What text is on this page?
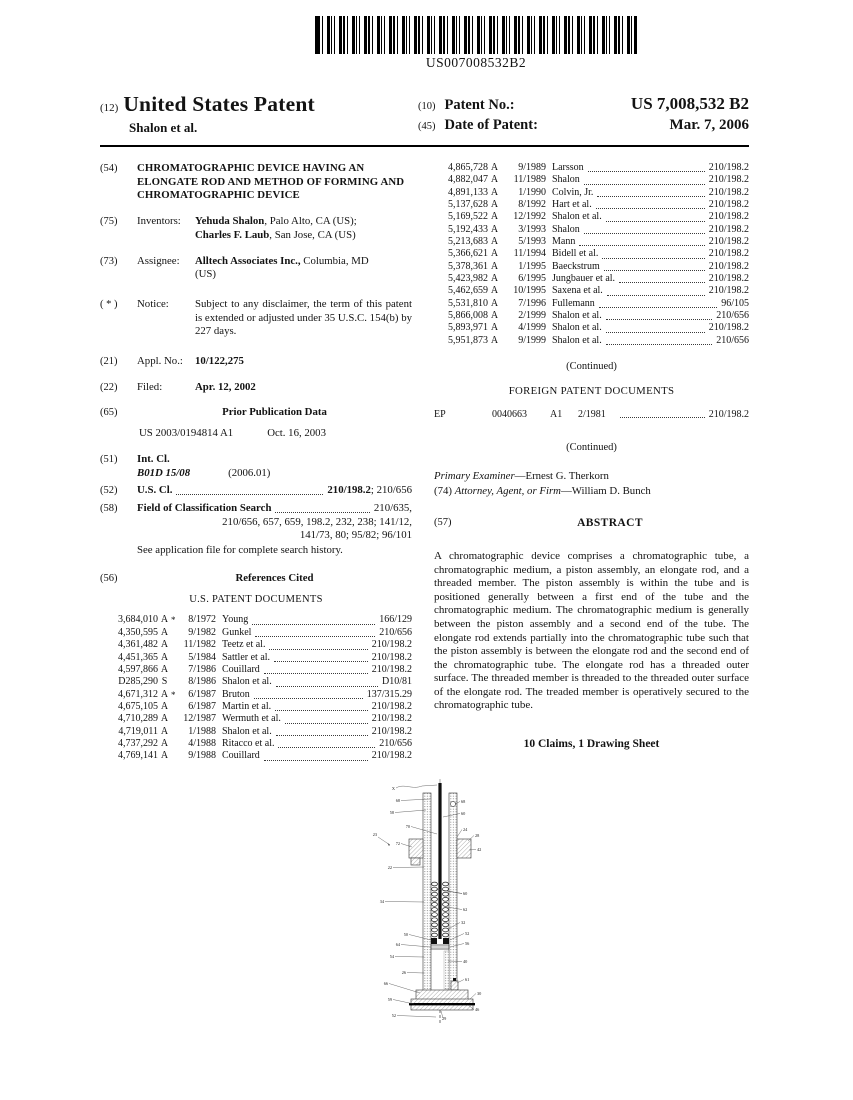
US007008532B2
(12) United States Patent
Shalon et al.
(10)
Patent No.:	US 7,008,532 B2
(45)
Date of Patent:	Mar. 7, 2006
(54)	CHROMATOGRAPHIC DEVICE HAVING AN ELONGATE ROD AND METHOD OF FORMING AND CHROMATOGRAPHIC DEVICE
(75)	Inventors:	Yehuda Shalon, Palo Alto, CA (US);
Charles F. Laub, San Jose, CA (US)
(73)	Assignee:	Alltech Associates Inc., Columbia, MD
(US)
( * )	Notice:	Subject to any disclaimer, the term of this patent is extended or adjusted under 35 U.S.C. 154(b) by 227 days.
(21)	Appl. No.:	10/122,275
(22)	Filed:	Apr. 12, 2002
(65)	Prior Publication Data
US 2003/0194814 A1	Oct. 16, 2003
(51)	Int. Cl.
B01D 15/08	(2006.01)
(52)	U.S. Cl.	210/198.2; 210/656
(58)	Field of Classification Search	210/635,
210/656, 657, 659, 198.2, 232, 238; 141/12,
141/73, 80; 95/82; 96/101
See application file for complete search history.
(56)	References Cited
U.S. PATENT DOCUMENTS
3,684,010 A *	8/1972 Young	166/129
4,350,595 A	9/1982 Gunkel	210/656
4,361,482 A	11/1982 Teetz et al.	210/198.2
4,451,365 A	5/1984 Sattler et al.	210/198.2
4,597,866 A	7/1986 Couillard	210/198.2
D285,290 S	8/1986 Shalon et al.	D10/81
4,671,312 A *	6/1987 Bruton	137/315.29
4,675,105 A	6/1987 Martin et al.	210/198.2
4,710,289 A	12/1987 Wermuth et al.	210/198.2
4,719,011 A	1/1988 Shalon et al.	210/198.2
4,737,292 A	4/1988 Ritacco et al.	210/656
4,769,141 A	9/1988 Couillard	210/198.2
4,865,728 A	9/1989 Larsson	210/198.2
4,882,047 A	11/1989 Shalon	210/198.2
4,891,133 A	1/1990 Colvin, Jr.	210/198.2
5,137,628 A	8/1992 Hart et al.	210/198.2
5,169,522 A	12/1992 Shalon et al.	210/198.2
5,192,433 A	3/1993 Shalon	210/198.2
5,213,683 A	5/1993 Mann	210/198.2
5,366,621 A	11/1994 Bidell et al.	210/198.2
5,378,361 A	1/1995 Baeckstrum	210/198.2
5,423,982 A	6/1995 Jungbauer et al.	210/198.2
5,462,659 A	10/1995 Saxena et al.	210/198.2
5,531,810 A	7/1996 Fullemann	96/105
5,866,008 A	2/1999 Shalon et al.	210/656
5,893,971 A	4/1999 Shalon et al.	210/198.2
5,951,873 A	9/1999 Shalon et al.	210/656
(Continued)
FOREIGN PATENT DOCUMENTS
EP	0040663	A1	2/1981	210/198.2
(Continued)
Primary Examiner—Ernest G. Therkorn
(74) Attorney, Agent, or Firm—William D. Bunch
(57)	ABSTRACT
A chromatographic device comprises a chromatographic tube, a chromatographic medium, a piston assembly, an elongate rod, and a threaded member. The piston assembly is within the tube and is positioned generally between a first end of the tube and the chromatographic medium. The chromatographic medium is generally between the piston assembly and a second end of the tube. The elongate rod extends partially into the chromatographic tube such that the piston assembly is between the elongate rod and the second end of the chromatographic tube. The elongate rod has a threaded outer surface. The threaded member is threaded to the threaded outer surface of the elongate rod. The treaded member is operatively secured to the chromatographic tube.
10 Claims, 1 Drawing Sheet
X
68
58
70
23
72
22
34
50
64
54
26
66
59
52
68
60
24
28
42
60
62
32
52
56
40
61
30
46
29
